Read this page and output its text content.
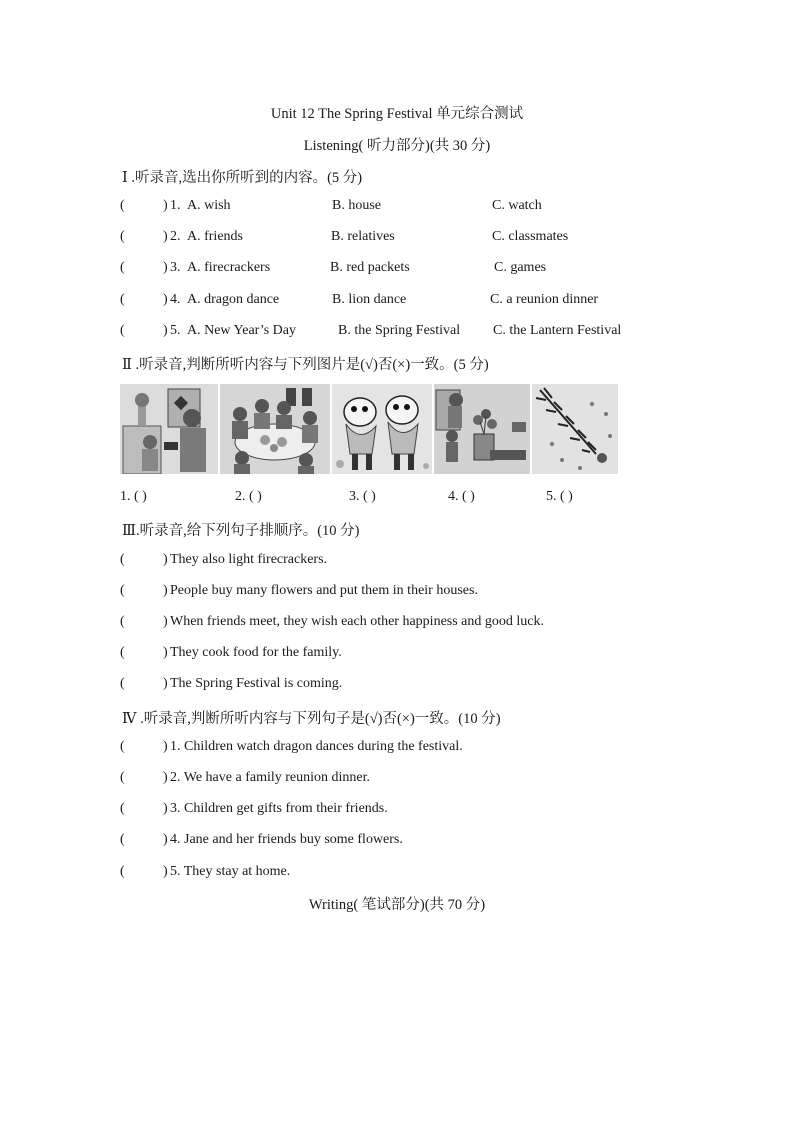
Unit 12 The Spring Festival 单元综合测试
Listening( 听力部分)(共 30 分)
Ⅰ .听录音,选出你所听到的内容。(5 分)
(	) 1. A. wish	B. house	C. watch
(	) 2. A. friends	B. relatives	C. classmates
(	) 3. A. firecrackers	B. red packets	C. games
(	) 4. A. dragon dance	B. lion dance	C. a reunion dinner
(	) 5. A. New Year’s Day	B. the Spring Festival C. the Lantern Festival
Ⅱ .听录音,判断所听内容与下列图片是(√)否(×)一致。(5 分)
1. ( )	2. ( )	3. ( )	4. ( )	5. ( )
Ⅲ.听录音,给下列句子排顺序。(10 分)
(	) They also light firecrackers.
(	) People buy many flowers and put them in their houses.
(	) When friends meet, they wish each other happiness and good luck.
(	) They cook food for the family.
(	) The Spring Festival is coming.
Ⅳ .听录音,判断所听内容与下列句子是(√)否(×)一致。(10 分)
(	) 1. Children watch dragon dances during the festival.
(	) 2. We have a family reunion dinner.
(	) 3. Children get gifts from their friends.
(	) 4. Jane and her friends buy some flowers.
(	) 5. They stay at home.
Writing( 笔试部分)(共 70 分)
